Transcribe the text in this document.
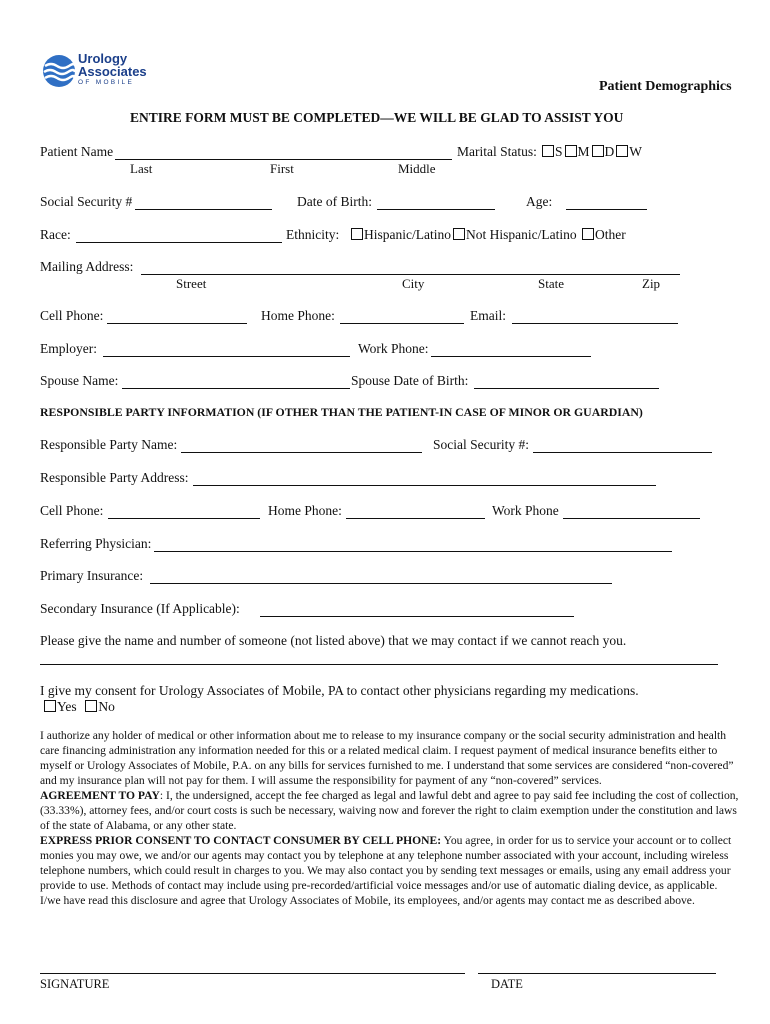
Urology
Associates
OF MOBILE	Patient Demographics
ENTIRE FORM MUST BE COMPLETED—WE WILL BE GLAD TO ASSIST YOU
Patient Name	Marital Status:	S M D W
Last	First	Middle
Social Security #	Date of Birth:	Age:
Race:	Ethnicity:	Hispanic/Latino Not Hispanic/Latino Other
Mailing Address:
Street	City	State	Zip
Cell Phone:	Home Phone:	Email:
Employer:	Work Phone:
Spouse Name:	Spouse Date of Birth:
RESPONSIBLE PARTY INFORMATION (IF OTHER THAN THE PATIENT-IN CASE OF MINOR OR GUARDIAN)
Responsible Party Name:	Social Security #:
Responsible Party Address:
Cell Phone:	Home Phone:	Work Phone
Referring Physician:
Primary Insurance:
Secondary Insurance (If Applicable):
Please give the name and number of someone (not listed above) that we may contact if we cannot reach you.
I give my consent for Urology Associates of Mobile, PA to contact other physicians regarding my medications.
Yes No

I authorize any holder of medical or other information about me to release to my insurance company or the social security administration and health care financing administration any information needed for this or a related medical claim. I request payment of medical insurance benefits either to myself or Urology Associates of Mobile, P.A. on any bills for services furnished to me. I understand that some services are considered “non-covered” and my insurance plan will not pay for them. I will assume the responsibility for payment of any “non-covered” services.

AGREEMENT TO PAY: I, the undersigned, accept the fee charged as legal and lawful debt and agree to pay said fee including the cost of collection, (33.33%), attorney fees, and/or court costs is such be necessary, waiving now and forever the right to claim exemption under the constitution and laws of the state of Alabama, or any other state.

EXPRESS PRIOR CONSENT TO CONTACT CONSUMER BY CELL PHONE: You agree, in order for us to service your account or to collect monies you may owe, we and/or our agents may contact you by telephone at any telephone number associated with your account, including wireless telephone numbers, which could result in charges to you. We may also contact you by sending text messages or emails, using any email address your provide to use. Methods of contact may include using pre-recorded/artificial voice messages and/or use of automatic dialing device, as applicable. I/we have read this disclosure and agree that Urology Associates of Mobile, its employees, and/or agents may contact me as described above.

SIGNATURE	DATE
